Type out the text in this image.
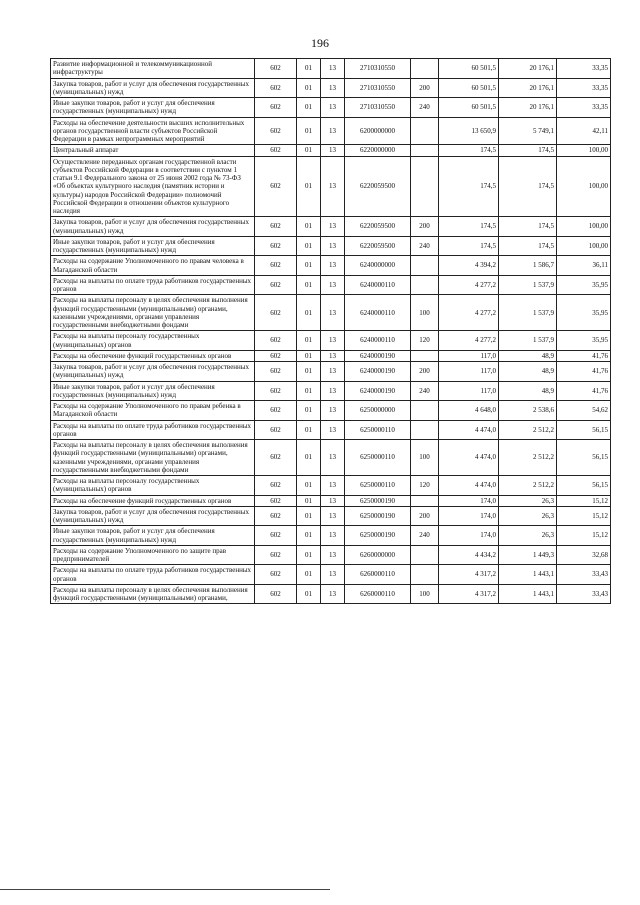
196
Развитие информационной и телекоммуникационной инфраструктуры	602	01	13	2710310550		60 501,5	20 176,1	33,35
Закупка товаров, работ и услуг для обеспечения государственных (муниципальных) нужд	602	01	13	2710310550	200	60 501,5	20 176,1	33,35
Иные закупки товаров, работ и услуг для обеспечения государственных (муниципальных) нужд	602	01	13	2710310550	240	60 501,5	20 176,1	33,35
Расходы на обеспечение деятельности высших исполнительных органов государственной власти субъектов Российской Федерации в рамках непрограммных мероприятий	602	01	13	6200000000		13 650,9	5 749,1	42,11
Центральный аппарат	602	01	13	6220000000		174,5	174,5	100,00
Осуществление переданных органам государственной власти субъектов Российской Федерации в соответствии с пунктом 1 статьи 9.1 Федерального закона от 25 июня 2002 года № 73-ФЗ «Об объектах культурного наследия (памятник истории и культуры) народов Российской Федерации» полномочий Российской Федерации в отношении объектов культурного наследия	602	01	13	6220059500		174,5	174,5	100,00
Закупка товаров, работ и услуг для обеспечения государственных (муниципальных) нужд	602	01	13	6220059500	200	174,5	174,5	100,00
Иные закупки товаров, работ и услуг для обеспечения государственных (муниципальных) нужд	602	01	13	6220059500	240	174,5	174,5	100,00
Расходы на содержание Уполномоченного по правам человека в Магаданской области	602	01	13	6240000000		4 394,2	1 586,7	36,11
Расходы на выплаты по оплате труда работников государственных органов	602	01	13	6240000110		4 277,2	1 537,9	35,95
Расходы на выплаты персоналу в целях обеспечения выполнения функций государственными (муниципальными) органами, казенными учреждениями, органами управления государственными внебюджетными фондами	602	01	13	6240000110	100	4 277,2	1 537,9	35,95
Расходы на выплаты персоналу государственных (муниципальных) органов	602	01	13	6240000110	120	4 277,2	1 537,9	35,95
Расходы на обеспечение функций государственных органов	602	01	13	6240000190		117,0	48,9	41,76
Закупка товаров, работ и услуг для обеспечения государственных (муниципальных) нужд	602	01	13	6240000190	200	117,0	48,9	41,76
Иные закупки товаров, работ и услуг для обеспечения государственных (муниципальных) нужд	602	01	13	6240000190	240	117,0	48,9	41,76
Расходы на содержание Уполномоченного по правам ребенка в Магаданской области	602	01	13	6250000000		4 648,0	2 538,6	54,62
Расходы на выплаты по оплате труда работников государственных органов	602	01	13	6250000110		4 474,0	2 512,2	56,15
Расходы на выплаты персоналу в целях обеспечения выполнения функций государственными (муниципальными) органами, казенными учреждениями, органами управления государственными внебюджетными фондами	602	01	13	6250000110	100	4 474,0	2 512,2	56,15
Расходы на выплаты персоналу государственных (муниципальных) органов	602	01	13	6250000110	120	4 474,0	2 512,2	56,15
Расходы на обеспечение функций государственных органов	602	01	13	6250000190		174,0	26,3	15,12
Закупка товаров, работ и услуг для обеспечения государственных (муниципальных) нужд	602	01	13	6250000190	200	174,0	26,3	15,12
Иные закупки товаров, работ и услуг для обеспечения государственных (муниципальных) нужд	602	01	13	6250000190	240	174,0	26,3	15,12
Расходы на содержание Уполномоченного по защите прав предпринимателей	602	01	13	6260000000		4 434,2	1 449,3	32,68
Расходы на выплаты по оплате труда работников государственных органов	602	01	13	6260000110		4 317,2	1 443,1	33,43
Расходы на выплаты персоналу в целях обеспечения выполнения функций государственными (муниципальными) органами,	602	01	13	6260000110	100	4 317,2	1 443,1	33,43
